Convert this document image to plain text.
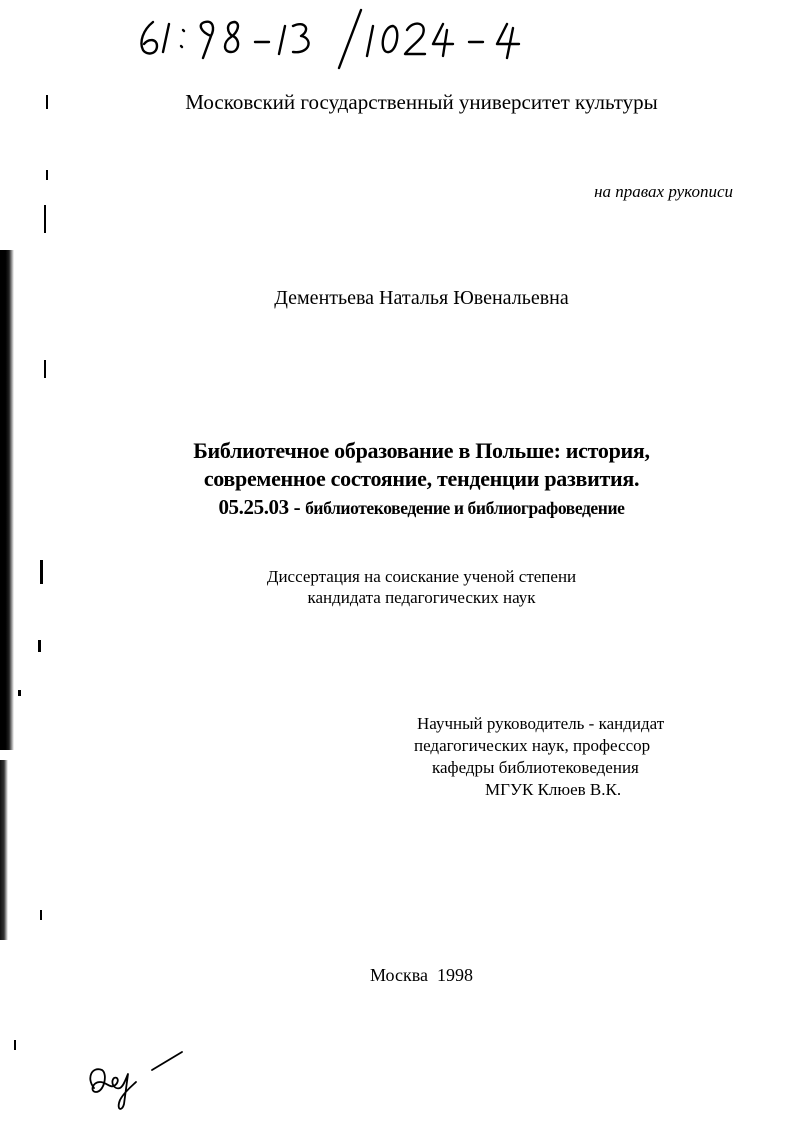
Московский государственный университет культуры
на правах рукописи
Дементьева Наталья Ювенальевна
Библиотечное образование в Польше: история,
современное состояние, тенденции развития.
05.25.03 - библиотековедение и библиографоведение
Диссертация на соискание ученой степени
кандидата педагогических наук
Научный руководитель - кандидат
педагогических наук, профессор
кафедры библиотековедения
МГУК Клюев В.К.
Москва  1998
